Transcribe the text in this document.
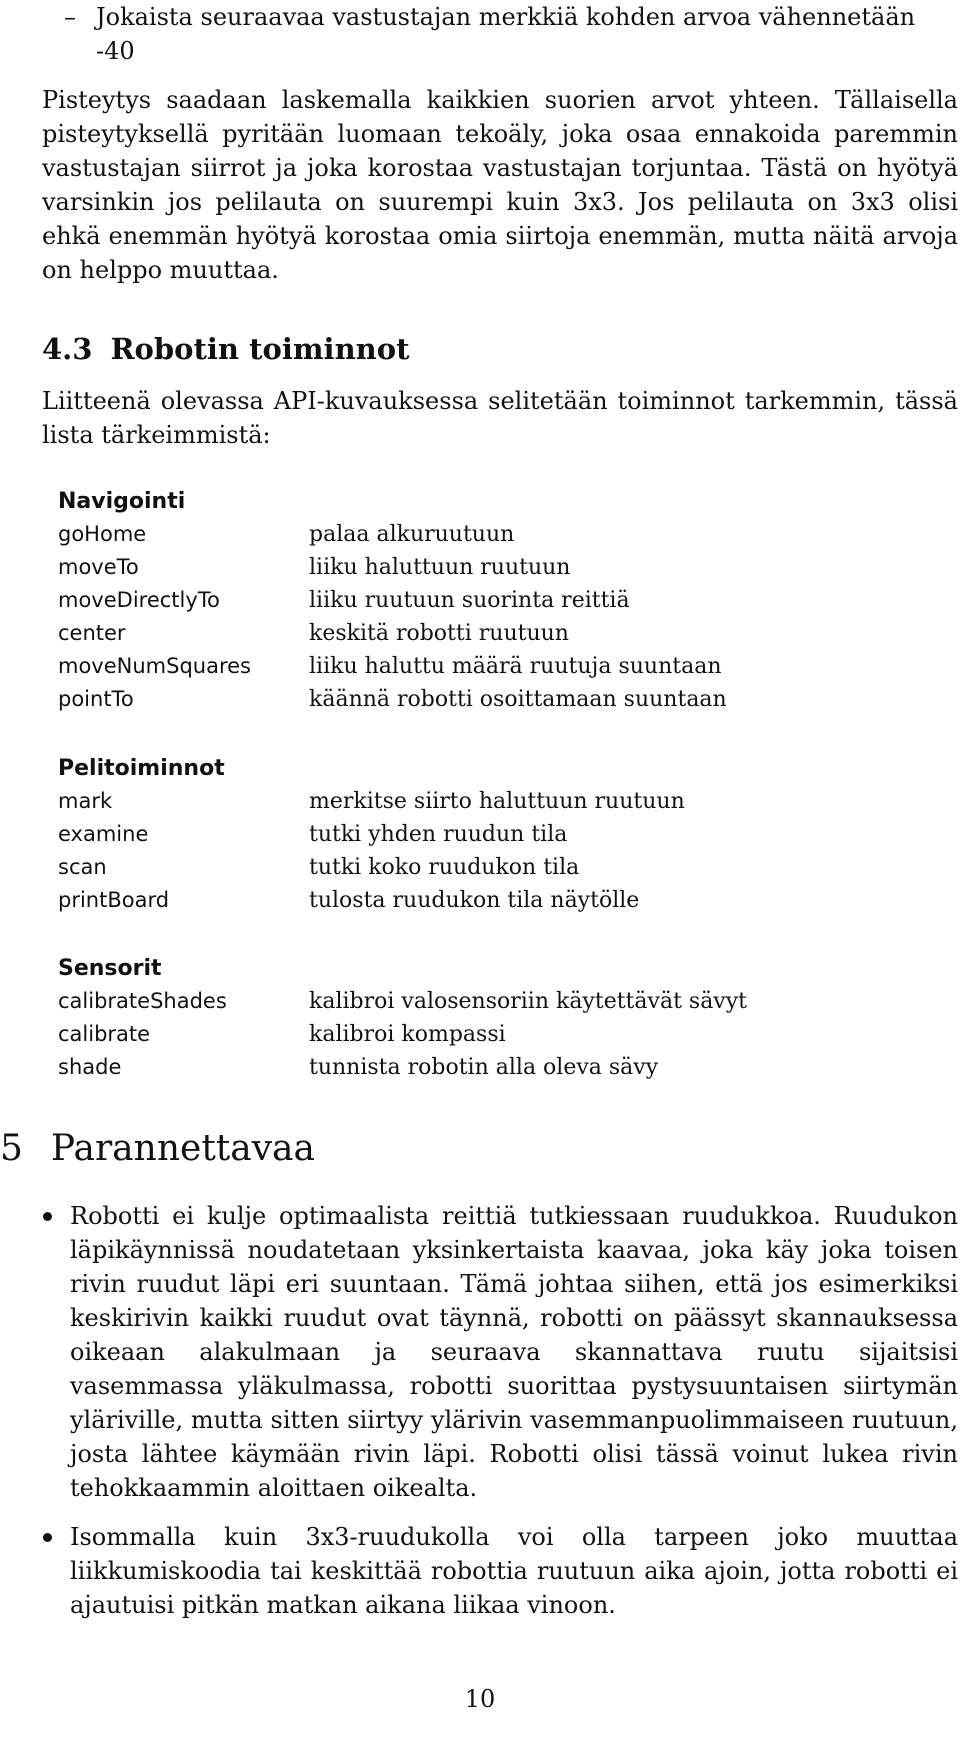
– Jokaista seuraavaa vastustajan merkkiä kohden arvoa vähennetään -40

Pisteytys saadaan laskemalla kaikkien suorien arvot yhteen. Tällaisella pisteytyksellä pyritään luomaan tekoäly, joka osaa ennakoida paremmin vastustajan siirrot ja joka korostaa vastustajan torjuntaa. Tästä on hyötyä varsinkin jos pelilauta on suurempi kuin 3x3. Jos pelilauta on 3x3 olisi ehkä enemmän hyötyä korostaa omia siirtoja enemmän, mutta näitä arvoja on helppo muuttaa.

4.3 Robotin toiminnot

Liitteenä olevassa API-kuvauksessa selitetään toiminnot tarkemmin, tässä lista tärkeimmistä:

Navigointi
goHome	palaa alkuruutuun
moveTo	liiku haluttuun ruutuun
moveDirectlyTo	liiku ruutuun suorinta reittiä
center	keskitä robotti ruutuun
moveNumSquares	liiku haluttu määrä ruutuja suuntaan
pointTo	käännä robotti osoittamaan suuntaan
Pelitoiminnot
mark	merkitse siirto haluttuun ruutuun
examine	tutki yhden ruudun tila
scan	tutki koko ruudukon tila
printBoard	tulosta ruudukon tila näytölle
Sensorit
calibrateShades	kalibroi valosensoriin käytettävät sävyt
calibrate	kalibroi kompassi
shade	tunnista robotin alla oleva sävy
5 Parannettavaa
Robotti ei kulje optimaalista reittiä tutkiessaan ruudukkoa. Ruudukon läpikäynnissä noudatetaan yksinkertaista kaavaa, joka käy joka toisen rivin ruudut läpi eri suuntaan. Tämä johtaa siihen, että jos esimerkiksi keskirivin kaikki ruudut ovat täynnä, robotti on päässyt skannauksessa oikeaan alakulmaan ja seuraava skannattava ruutu sijaitsisi vasemmassa yläkulmassa, robotti suorittaa pystysuuntaisen siirtymän yläriville, mutta sitten siirtyy ylärivin vasemmanpuolimmaiseen ruutuun, josta lähtee käymään rivin läpi. Robotti olisi tässä voinut lukea rivin tehokkaammin aloittaen oikealta.
Isommalla kuin 3x3-ruudukolla voi olla tarpeen joko muuttaa liikkumiskoodia tai keskittää robottia ruutuun aika ajoin, jotta robotti ei ajautuisi pitkän matkan aikana liikaa vinoon.
10
